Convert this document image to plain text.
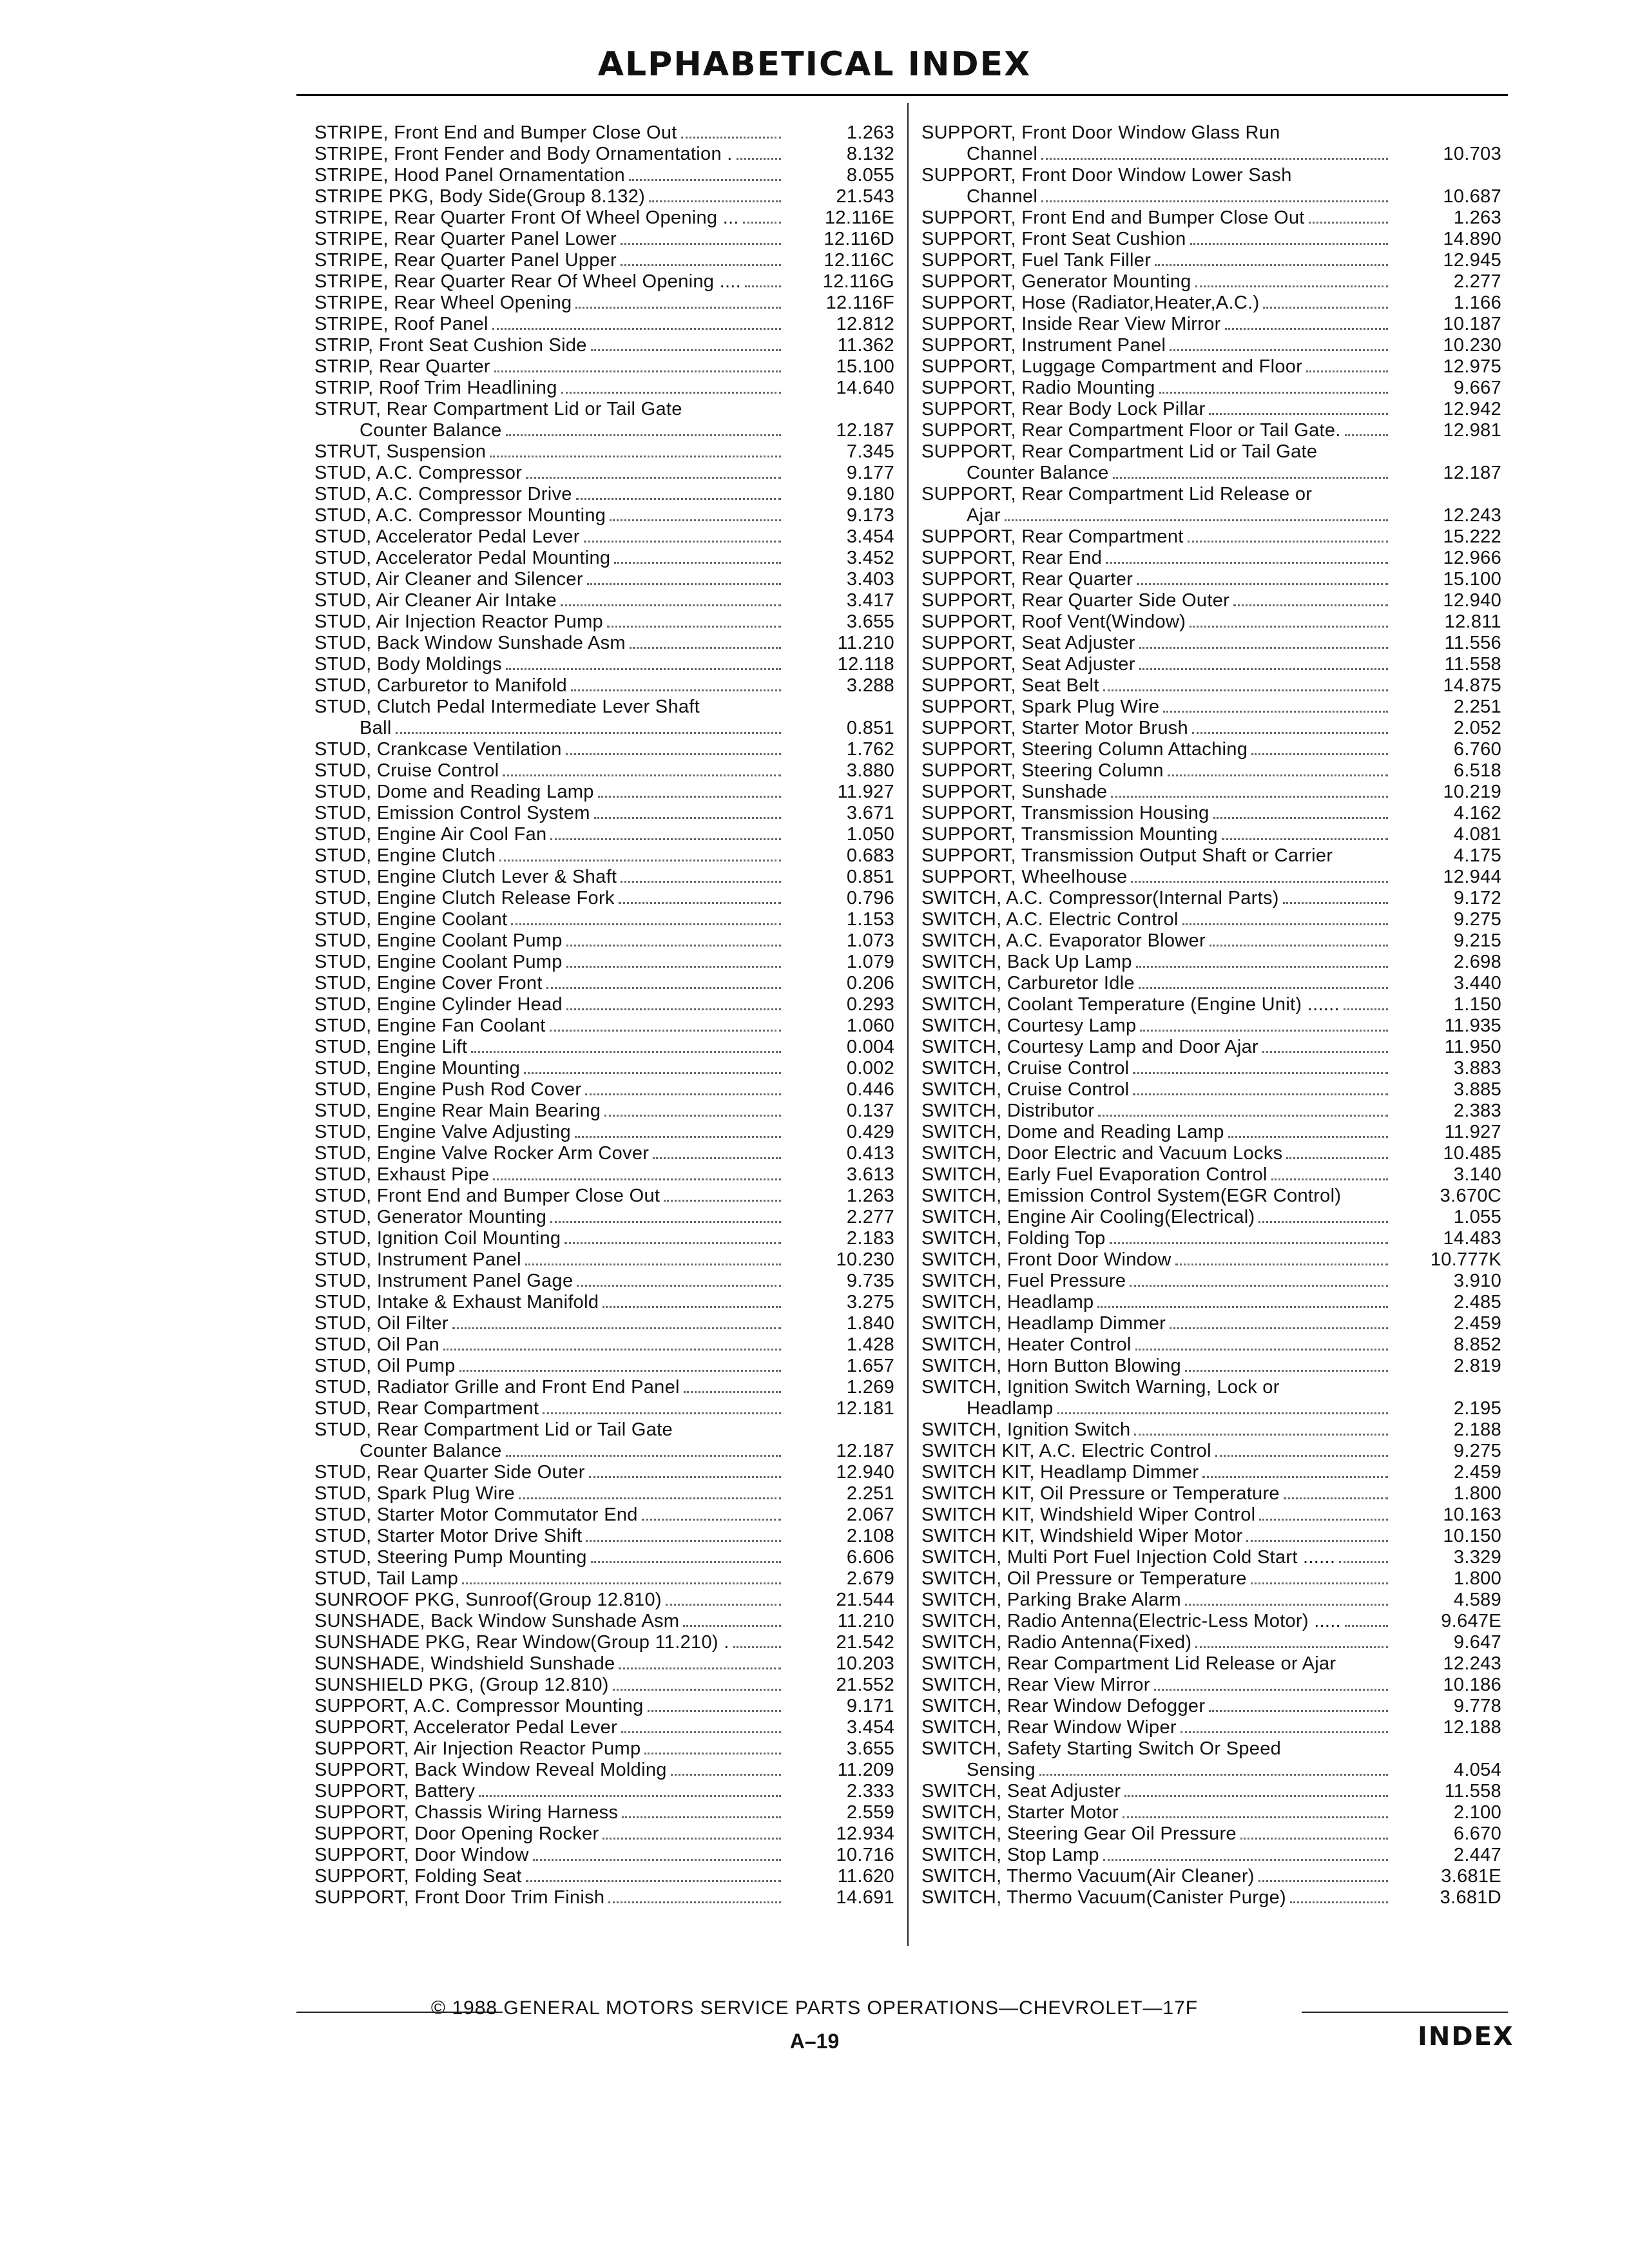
ALPHABETICAL INDEX
STRIPE, Front End and Bumper Close Out	1.263
STRIPE, Front Fender and Body Ornamentation .	8.132
STRIPE, Hood Panel Ornamentation	8.055
STRIPE PKG, Body Side(Group 8.132)	21.543
STRIPE, Rear Quarter Front Of Wheel Opening ...	12.116E
STRIPE, Rear Quarter Panel Lower	12.116D
STRIPE, Rear Quarter Panel Upper	12.116C
STRIPE, Rear Quarter Rear Of Wheel Opening ....	12.116G
STRIPE, Rear Wheel Opening	12.116F
STRIPE, Roof Panel	12.812
STRIP, Front Seat Cushion Side	11.362
STRIP, Rear Quarter	15.100
STRIP, Roof Trim Headlining	14.640
STRUT, Rear Compartment Lid or Tail Gate
Counter Balance	12.187
STRUT, Suspension	7.345
STUD, A.C. Compressor	9.177
STUD, A.C. Compressor Drive	9.180
STUD, A.C. Compressor Mounting	9.173
STUD, Accelerator Pedal Lever	3.454
STUD, Accelerator Pedal Mounting	3.452
STUD, Air Cleaner and Silencer	3.403
STUD, Air Cleaner Air Intake	3.417
STUD, Air Injection Reactor Pump	3.655
STUD, Back Window Sunshade Asm	11.210
STUD, Body Moldings	12.118
STUD, Carburetor to Manifold	3.288
STUD, Clutch Pedal Intermediate Lever Shaft
Ball	0.851
STUD, Crankcase Ventilation	1.762
STUD, Cruise Control	3.880
STUD, Dome and Reading Lamp	11.927
STUD, Emission Control System	3.671
STUD, Engine Air Cool Fan	1.050
STUD, Engine Clutch	0.683
STUD, Engine Clutch Lever & Shaft	0.851
STUD, Engine Clutch Release Fork	0.796
STUD, Engine Coolant	1.153
STUD, Engine Coolant Pump	1.073
STUD, Engine Coolant Pump	1.079
STUD, Engine Cover Front	0.206
STUD, Engine Cylinder Head	0.293
STUD, Engine Fan Coolant	1.060
STUD, Engine Lift	0.004
STUD, Engine Mounting	0.002
STUD, Engine Push Rod Cover	0.446
STUD, Engine Rear Main Bearing	0.137
STUD, Engine Valve Adjusting	0.429
STUD, Engine Valve Rocker Arm Cover	0.413
STUD, Exhaust Pipe	3.613
STUD, Front End and Bumper Close Out	1.263
STUD, Generator Mounting	2.277
STUD, Ignition Coil Mounting	2.183
STUD, Instrument Panel	10.230
STUD, Instrument Panel Gage	9.735
STUD, Intake & Exhaust Manifold	3.275
STUD, Oil Filter	1.840
STUD, Oil Pan	1.428
STUD, Oil Pump	1.657
STUD, Radiator Grille and Front End Panel	1.269
STUD, Rear Compartment	12.181
STUD, Rear Compartment Lid or Tail Gate
Counter Balance	12.187
STUD, Rear Quarter Side Outer	12.940
STUD, Spark Plug Wire	2.251
STUD, Starter Motor Commutator End	2.067
STUD, Starter Motor Drive Shift	2.108
STUD, Steering Pump Mounting	6.606
STUD, Tail Lamp	2.679
SUNROOF PKG, Sunroof(Group 12.810)	21.544
SUNSHADE, Back Window Sunshade Asm	11.210
SUNSHADE PKG, Rear Window(Group 11.210) .	21.542
SUNSHADE, Windshield Sunshade	10.203
SUNSHIELD PKG, (Group 12.810)	21.552
SUPPORT, A.C. Compressor Mounting	9.171
SUPPORT, Accelerator Pedal Lever	3.454
SUPPORT, Air Injection Reactor Pump	3.655
SUPPORT, Back Window Reveal Molding	11.209
SUPPORT, Battery	2.333
SUPPORT, Chassis Wiring Harness	2.559
SUPPORT, Door Opening Rocker	12.934
SUPPORT, Door Window	10.716
SUPPORT, Folding Seat	11.620
SUPPORT, Front Door Trim Finish	14.691
SUPPORT, Front Door Window Glass Run
Channel	10.703
SUPPORT, Front Door Window Lower Sash
Channel	10.687
SUPPORT, Front End and Bumper Close Out	1.263
SUPPORT, Front Seat Cushion	14.890
SUPPORT, Fuel Tank Filler	12.945
SUPPORT, Generator Mounting	2.277
SUPPORT, Hose (Radiator,Heater,A.C.)	1.166
SUPPORT, Inside Rear View Mirror	10.187
SUPPORT, Instrument Panel	10.230
SUPPORT, Luggage Compartment and Floor	12.975
SUPPORT, Radio Mounting	9.667
SUPPORT, Rear Body Lock Pillar	12.942
SUPPORT, Rear Compartment Floor or Tail Gate.	12.981
SUPPORT, Rear Compartment Lid or Tail Gate
Counter Balance	12.187
SUPPORT, Rear Compartment Lid Release or
Ajar	12.243
SUPPORT, Rear Compartment	15.222
SUPPORT, Rear End	12.966
SUPPORT, Rear Quarter	15.100
SUPPORT, Rear Quarter Side Outer	12.940
SUPPORT, Roof Vent(Window)	12.811
SUPPORT, Seat Adjuster	11.556
SUPPORT, Seat Adjuster	11.558
SUPPORT, Seat Belt	14.875
SUPPORT, Spark Plug Wire	2.251
SUPPORT, Starter Motor Brush	2.052
SUPPORT, Steering Column Attaching	6.760
SUPPORT, Steering Column	6.518
SUPPORT, Sunshade	10.219
SUPPORT, Transmission Housing	4.162
SUPPORT, Transmission Mounting	4.081
SUPPORT, Transmission Output Shaft or Carrier	4.175
SUPPORT, Wheelhouse	12.944
SWITCH, A.C. Compressor(Internal Parts)	9.172
SWITCH, A.C. Electric Control	9.275
SWITCH, A.C. Evaporator Blower	9.215
SWITCH, Back Up Lamp	2.698
SWITCH, Carburetor Idle	3.440
SWITCH, Coolant Temperature (Engine Unit) ......	1.150
SWITCH, Courtesy Lamp	11.935
SWITCH, Courtesy Lamp and Door Ajar	11.950
SWITCH, Cruise Control	3.883
SWITCH, Cruise Control	3.885
SWITCH, Distributor	2.383
SWITCH, Dome and Reading Lamp	11.927
SWITCH, Door Electric and Vacuum Locks	10.485
SWITCH, Early Fuel Evaporation Control	3.140
SWITCH, Emission Control System(EGR Control)	3.670C
SWITCH, Engine Air Cooling(Electrical)	1.055
SWITCH, Folding Top	14.483
SWITCH, Front Door Window	10.777K
SWITCH, Fuel Pressure	3.910
SWITCH, Headlamp	2.485
SWITCH, Headlamp Dimmer	2.459
SWITCH, Heater Control	8.852
SWITCH, Horn Button Blowing	2.819
SWITCH, Ignition Switch Warning, Lock or
Headlamp	2.195
SWITCH, Ignition Switch	2.188
SWITCH KIT, A.C. Electric Control	9.275
SWITCH KIT, Headlamp Dimmer	2.459
SWITCH KIT, Oil Pressure or Temperature	1.800
SWITCH KIT, Windshield Wiper Control	10.163
SWITCH KIT, Windshield Wiper Motor	10.150
SWITCH, Multi Port Fuel Injection Cold Start ......	3.329
SWITCH, Oil Pressure or Temperature	1.800
SWITCH, Parking Brake Alarm	4.589
SWITCH, Radio Antenna(Electric-Less Motor) .....	9.647E
SWITCH, Radio Antenna(Fixed)	9.647
SWITCH, Rear Compartment Lid Release or Ajar	12.243
SWITCH, Rear View Mirror	10.186
SWITCH, Rear Window Defogger	9.778
SWITCH, Rear Window Wiper	12.188
SWITCH, Safety Starting Switch Or Speed
Sensing	4.054
SWITCH, Seat Adjuster	11.558
SWITCH, Starter Motor	2.100
SWITCH, Steering Gear Oil Pressure	6.670
SWITCH, Stop Lamp	2.447
SWITCH, Thermo Vacuum(Air Cleaner)	3.681E
SWITCH, Thermo Vacuum(Canister Purge)	3.681D
© 1988 GENERAL MOTORS SERVICE PARTS OPERATIONS—CHEVROLET—17F
A–19	INDEX
